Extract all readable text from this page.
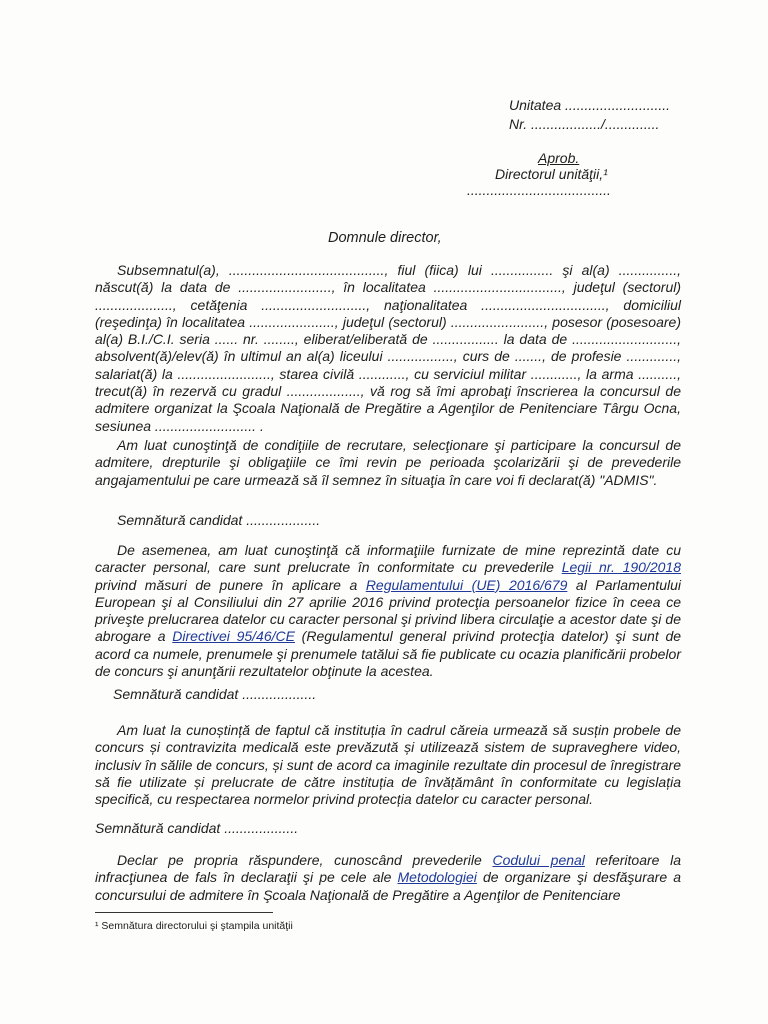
Unitatea ...........................
Nr. ................../..............
Aprob.
Directorul unităţii,¹
.....................................
Domnule director,

Subsemnatul(a), ........................................, fiul (fiica) lui ................ şi al(a) ..............., născut(ă) la data de ........................, în localitatea ................................., judeţul (sectorul) ...................., cetăţenia ..........................., naţionalitatea ................................, domiciliul (reşedinţa) în localitatea ......................, judeţul (sectorul) ........................, posesor (posesoare) al(a) B.I./C.I. seria ...... nr. ........, eliberat/eliberată de ................. la data de ..........................., absolvent(ă)/elev(ă) în ultimul an al(a) liceului ................., curs de ......., de profesie ............., salariat(ă) la ........................, starea civilă ............, cu serviciul militar ............, la arma .........., trecut(ă) în rezervă cu gradul ..................., vă rog să îmi aprobaţi înscrierea la concursul de admitere organizat la Şcoala Naţională de Pregătire a Agenţilor de Penitenciare Târgu Ocna, sesiunea .......................... .

Am luat cunoştinţă de condiţiile de recrutare, selecţionare şi participare la concursul de admitere, drepturile şi obligaţiile ce îmi revin pe perioada şcolarizării şi de prevederile angajamentului pe care urmează să îl semnez în situaţia în care voi fi declarat(ă) "ADMIS".

Semnătură candidat ...................

De asemenea, am luat cunoştinţă că informaţiile furnizate de mine reprezintă date cu caracter personal, care sunt prelucrate în conformitate cu prevederile Legii nr. 190/2018 privind măsuri de punere în aplicare a Regulamentului (UE) 2016/679 al Parlamentului European şi al Consiliului din 27 aprilie 2016 privind protecţia persoanelor fizice în ceea ce priveşte prelucrarea datelor cu caracter personal şi privind libera circulaţie a acestor date şi de abrogare a Directivei 95/46/CE (Regulamentul general privind protecţia datelor) şi sunt de acord ca numele, prenumele şi prenumele tatălui să fie publicate cu ocazia planificării probelor de concurs şi anunţării rezultatelor obţinute la acestea.

Semnătură candidat ...................

Am luat la cunoștință de faptul că instituția în cadrul căreia urmează să susțin probele de concurs și contravizita medicală este prevăzută și utilizează sistem de supraveghere video, inclusiv în sălile de concurs, și sunt de acord ca imaginile rezultate din procesul de înregistrare să fie utilizate și prelucrate de către instituția de învățământ în conformitate cu legislația specifică, cu respectarea normelor privind protecția datelor cu caracter personal.

Semnătură candidat ...................

Declar pe propria răspundere, cunoscând prevederile Codului penal referitoare la infracţiunea de fals în declaraţii şi pe cele ale Metodologiei de organizare şi desfăşurare a concursului de admitere în Şcoala Naţională de Pregătire a Agenţilor de Penitenciare

¹ Semnătura directorului şi ştampila unităţii
